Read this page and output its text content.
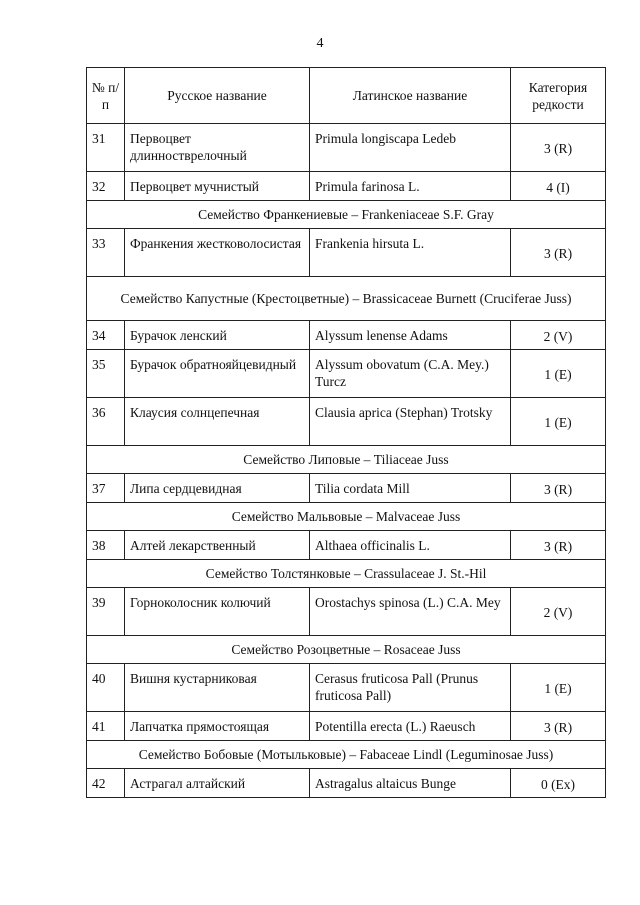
4
№ п/п	Русское название	Латинское название	Категория редкости
31	Первоцвет длинностврелочный	Primula longiscapa Ledeb	3 (R)
32	Первоцвет мучнистый	Primula farinosa L.	4 (I)
Семейство Франкениевые – Frankeniaceae S.F. Gray			
33	Франкения жестковолосистая	Frankenia hirsuta L.	3 (R)
Семейство Капустные (Крестоцветные) – Brassicaceae Burnett (Cruciferae Juss)			
34	Бурачок ленский	Alyssum lenense Adams	2 (V)
35	Бурачок обратнояйцевидный	Alyssum obovatum (C.A. Mey.) Turcz	1 (E)
36	Клаусия солнцепечная	Clausia aprica (Stephan) Trotsky	1 (E)
Семейство Липовые – Tiliaceae Juss			
37	Липа сердцевидная	Tilia cordata Mill	3 (R)
Семейство Мальвовые – Malvaceae Juss			
38	Алтей лекарственный	Althaea officinalis L.	3 (R)
Семейство Толстянковые – Crassulaceae J. St.-Hil			
39	Горноколосник колючий	Orostachys spinosa (L.) C.A. Mey	2 (V)
Семейство Розоцветные – Rosaceae Juss			
40	Вишня кустарниковая	Cerasus fruticosa Pall (Prunus fruticosa Pall)	1 (E)
41	Лапчатка прямостоящая	Potentilla erecta (L.) Raeusch	3 (R)
Семейство Бобовые (Мотыльковые) – Fabaceae Lindl (Leguminosae Juss)			
42	Астрагал алтайский	Astragalus altaicus Bunge	0 (Ex)
